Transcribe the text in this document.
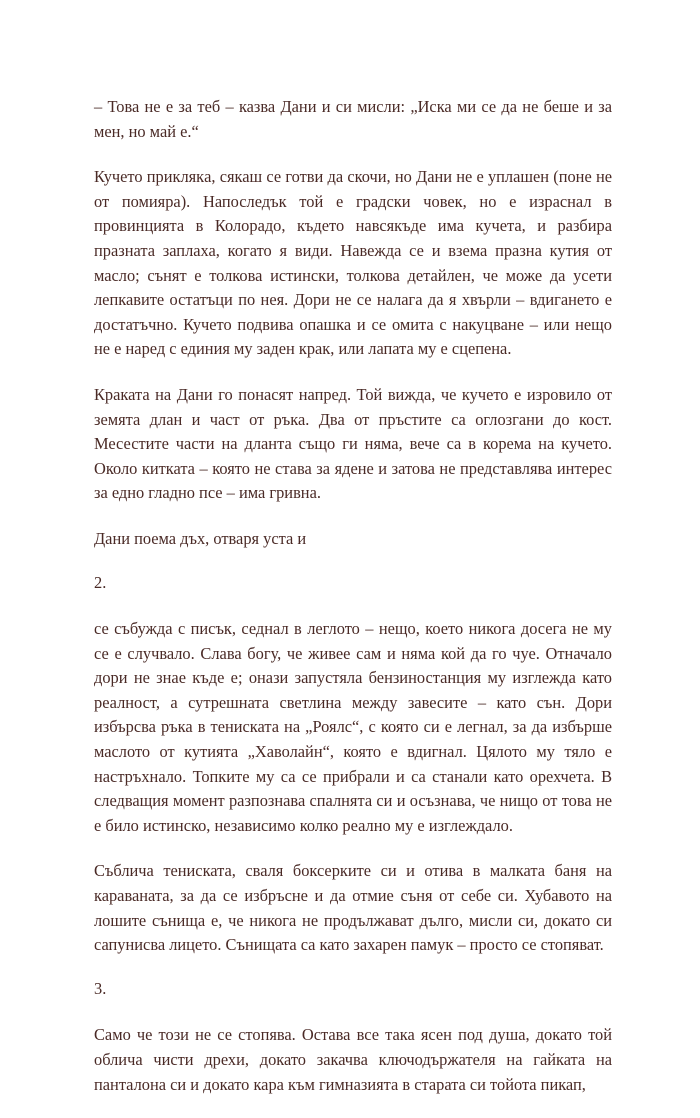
– Това не е за теб – казва Дани и си мисли: „Иска ми се да не беше и за мен, но май е.“

Кучето приклякa, сякаш се готви да скочи, но Дани не е уплашен (поне не от помияра). Напоследък той е градски човек, но е израснал в провинцията в Колорадо, където навсякъде има кучета, и разбира празната заплаха, когато я види. Навежда се и взема празна кутия от масло; сънят е толкова истински, толкова детайлен, че може да усети лепкавите остатъци по нея. Дори не се налага да я хвърли – вдигането е достатъчно. Кучето подвива опашка и се омита с накуцване – или нещо не е наред с единия му заден крак, или лапата му е сцепена.

Краката на Дани го понасят напред. Той вижда, че кучето е изровило от земята длан и част от ръка. Два от пръстите са оглозгани до кост. Месестите части на дланта също ги няма, вече са в корема на кучето. Около китката – която не става за ядене и затова не представлява интерес за едно гладно псе – има гривна.

Дани поема дъх, отваря уста и

2.

се събужда с писък, седнал в леглото – нещо, което никога досега не му се е случвало. Слава богу, че живее сам и няма кой да го чуе. Отначало дори не знае къде е; онази запустяла бензиностанция му изглежда като реалност, а сутрешната светлина между завесите – като сън. Дори избърсва ръка в тениската на „Роялс“, с която си е легнал, за да избърше маслото от кутията „Хаволайн“, която е вдигнал. Цялото му тяло е настръхнало. Топките му са се прибрали и са станали като орехчета. В следващия момент разпознава спалнята си и осъзнава, че нищо от това не е било истинско, независимо колко реално му е изглеждало.

Съблича тениската, сваля боксерките си и отива в малката баня на караваната, за да се избръсне и да отмие съня от себе си. Хубавото на лошите сънища е, че никога не продължават дълго, мисли си, докато си сапунисва лицето. Сънищата са като захарен памук – просто се стопяват.

3.

Само че този не се стопява. Остава все така ясен под душа, докато той облича чисти дрехи, докато закачва ключодържателя на гайката на панталона си и докато кара към гимназията в старата си тойота пикап,
